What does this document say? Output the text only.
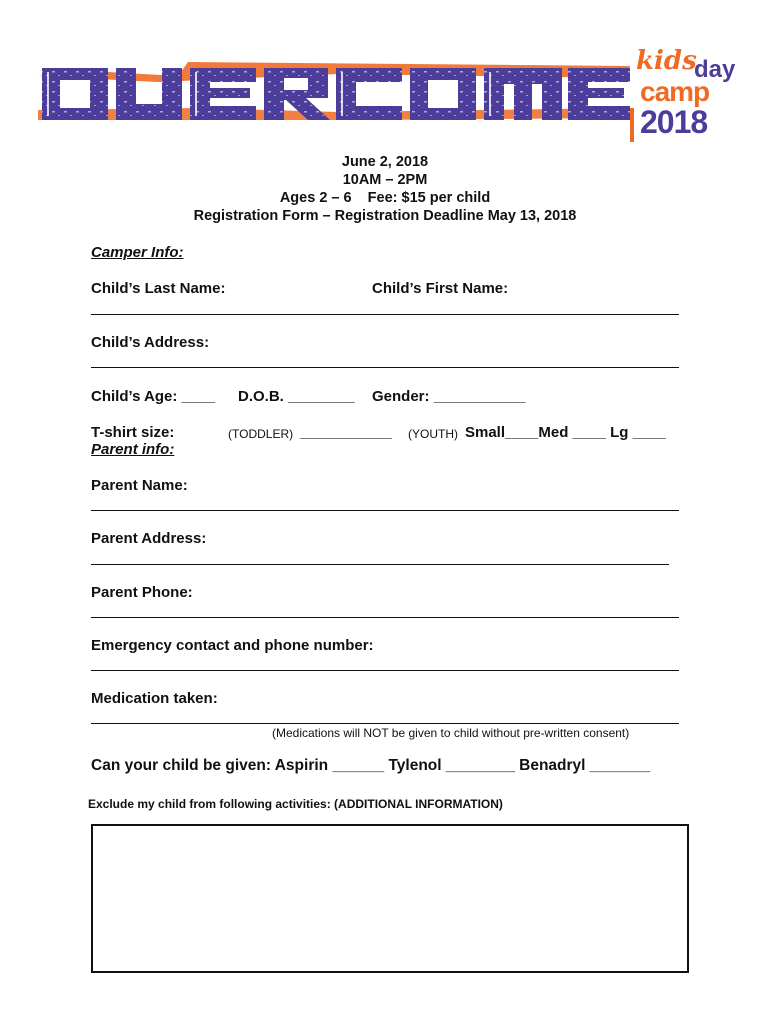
kids
day
camp
2018
June 2, 2018
10AM – 2PM
Ages 2 – 6    Fee: $15 per child
Registration Form – Registration Deadline May 13, 2018
Camper Info:
Child’s Last Name:	Child’s First Name:
Child’s Address:
Child’s Age: ____ D.O.B. ________ Gender: ___________
T-shirt size:	(TODDLER) ___________ (YOUTH) Small____Med ____ Lg ____
Parent info:
Parent Name:
Parent Address:
Parent Phone:
Emergency contact and phone number:
Medication taken:
(Medications will NOT be given to child without pre-written consent)
Can your child be given: Aspirin ______ Tylenol ________ Benadryl _______
Exclude my child from following activities: (ADDITIONAL INFORMATION)
